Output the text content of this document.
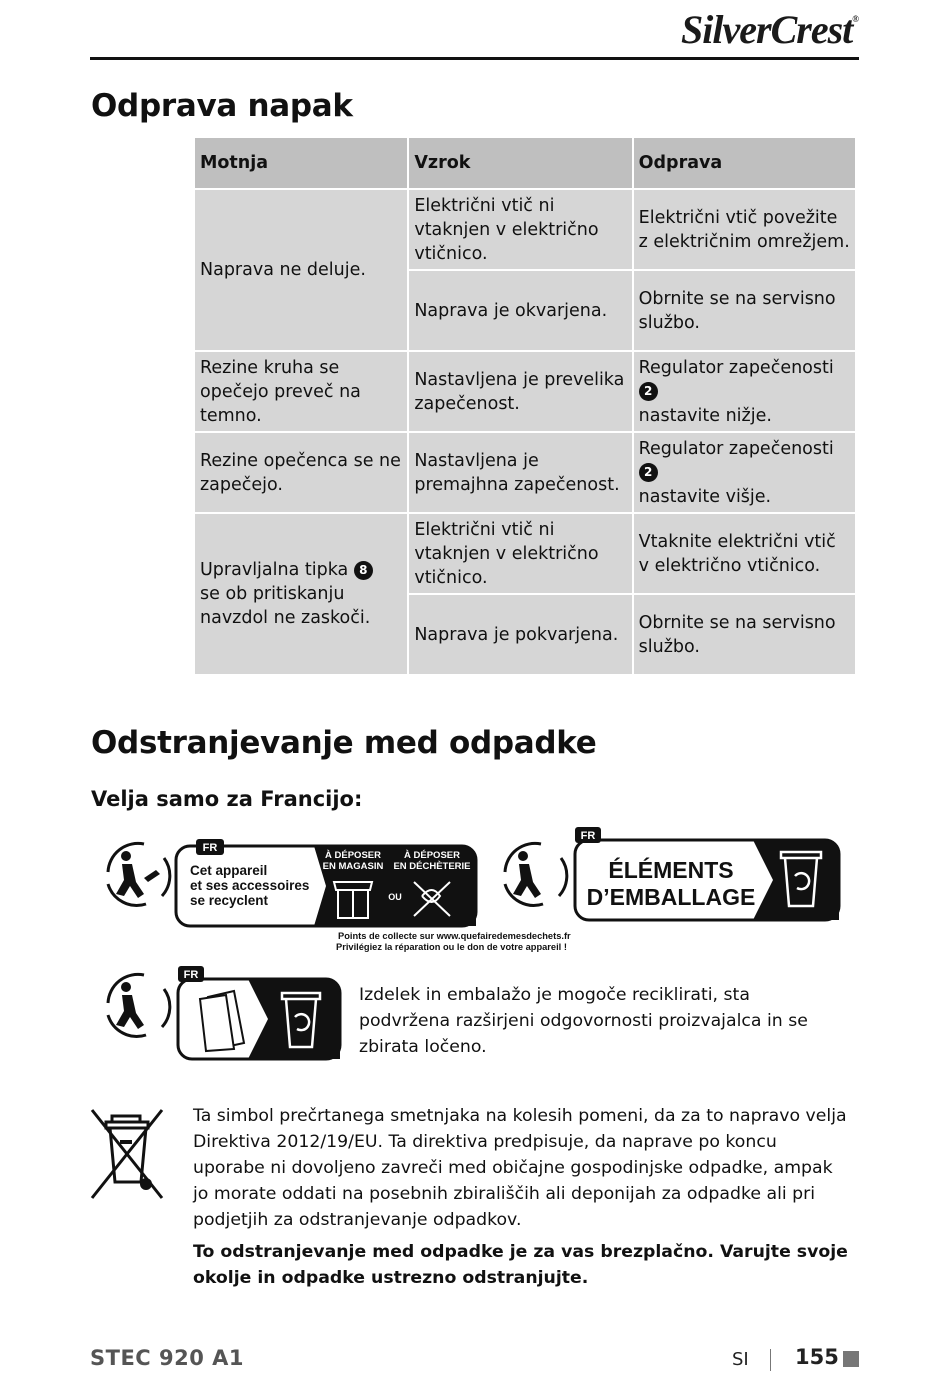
SilverCrest®
Odprava napak
Motnja	Vzrok	Odprava
Naprava ne deluje.	Električni vtič ni vtaknjen v električno vtičnico.	Električni vtič povežite z električnim omrežjem.
	Naprava je okvarjena.	Obrnite se na servisno službo.
Rezine kruha se opečejo preveč na temno.	Nastavljena je prevelika zapečenost.	Regulator zapečenosti 2
nastavite nižje.
Rezine opečenca se ne zapečejo.	Nastavljena je premajhna zapečenost.	Regulator zapečenosti 2
nastavite višje.
Upravljalna tipka 8
se ob pritiskanju navzdol ne zaskoči.	Električni vtič ni vtaknjen v električno vtičnico.	Vtaknite električni vtič v električno vtičnico.
	Naprava je pokvarjena.	Obrnite se na servisno službo.
Odstranjevanje med odpadke
Velja samo za Francijo:
FR
Cet appareil
et ses accessoires
se recyclent
À DÉPOSER
EN MAGASIN
À DÉPOSER
EN DÉCHÈTERIE
OU
Points de collecte sur www.quefairedemesdechets.fr
Privilégiez la réparation ou le don de votre appareil !
FR
ÉLÉMENTS
D’EMBALLAGE
FR
Izdelek in embalažo je mogoče reciklirati, sta podvržena razširjeni odgovornosti proizvajalca in se zbirata ločeno.
Ta simbol prečrtanega smetnjaka na kolesih pomeni, da za to napravo velja Direktiva 2012/19/EU. Ta direktiva predpisuje, da naprave po koncu uporabe ni dovoljeno zavreči med običajne gospodinjske odpadke, ampak jo morate oddati na posebnih zbirališčih ali deponijah za odpadke ali pri podjetjih za odstranjevanje odpadkov.
To odstranjevanje med odpadke je za vas brezplačno. Varujte svoje okolje in odpadke ustrezno odstranjujte.
STEC 920 A1	SI 155
